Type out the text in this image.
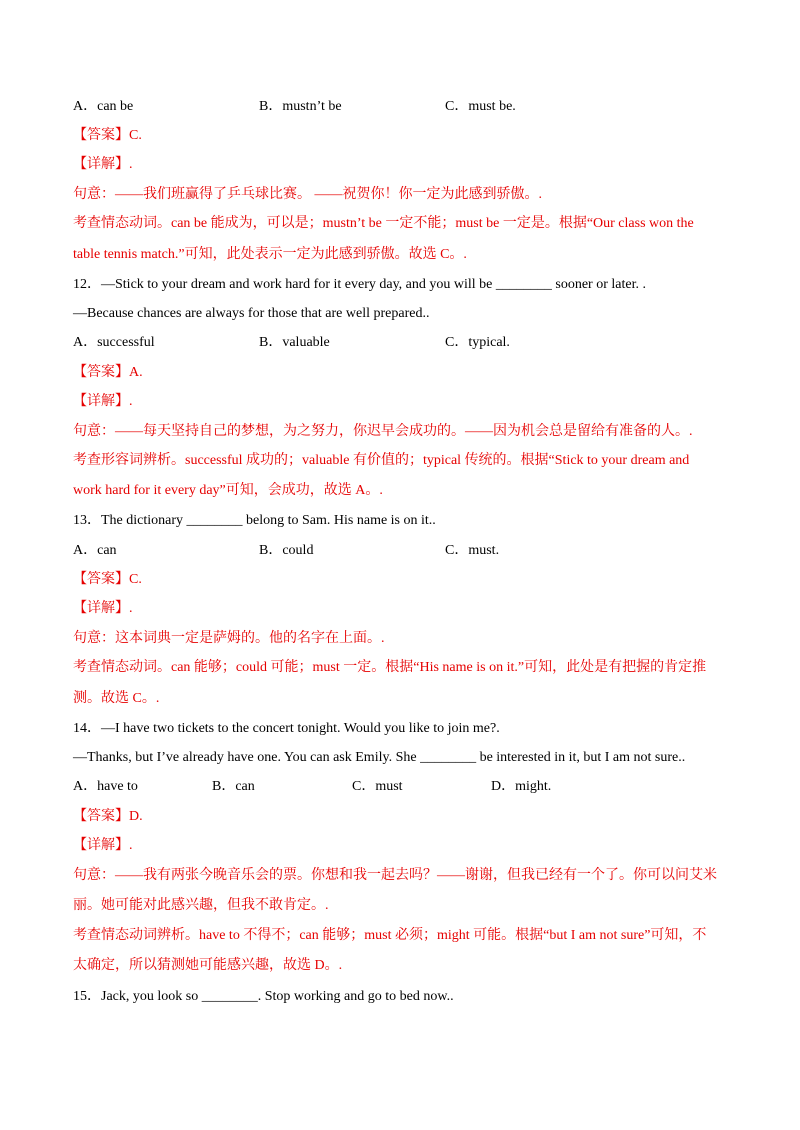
A．can be	B．mustn’t be	C．must be.
【答案】C.
【详解】.
句意：——我们班赢得了乒乓球比赛。 ——祝贺你！你一定为此感到骄傲。.
考查情态动词。can be 能成为，可以是；mustn’t be 一定不能；must be 一定是。根据“Our class won the
table tennis match.”可知，此处表示一定为此感到骄傲。故选 C。.
12．—Stick to your dream and work hard for it every day, and you will be ________ sooner or later. .
—Because chances are always for those that are well prepared..
A．successful	B．valuable	C．typical.
【答案】A.
【详解】.
句意：——每天坚持自己的梦想，为之努力，你迟早会成功的。——因为机会总是留给有准备的人。.
考查形容词辨析。successful 成功的；valuable 有价值的；typical 传统的。根据“Stick to your dream and
work hard for it every day”可知，会成功，故选 A。.
13．The dictionary ________ belong to Sam. His name is on it..
A．can	B．could	C．must.
【答案】C.
【详解】.
句意：这本词典一定是萨姆的。他的名字在上面。.
考查情态动词。can 能够；could 可能；must 一定。根据“His name is on it.”可知，此处是有把握的肯定推
测。故选 C。.
14．—I have two tickets to the concert tonight. Would you like to join me?.
—Thanks, but I’ve already have one. You can ask Emily. She ________ be interested in it, but I am not sure..
A．have to	B．can	C．must	D．might.
【答案】D.
【详解】.
句意：——我有两张今晚音乐会的票。你想和我一起去吗？——谢谢，但我已经有一个了。你可以问艾米
丽。她可能对此感兴趣，但我不敢肯定。.
考查情态动词辨析。have to 不得不；can 能够；must 必须；might 可能。根据“but I am not sure”可知，不
太确定，所以猜测她可能感兴趣，故选 D。.
15．Jack, you look so ________. Stop working and go to bed now..
